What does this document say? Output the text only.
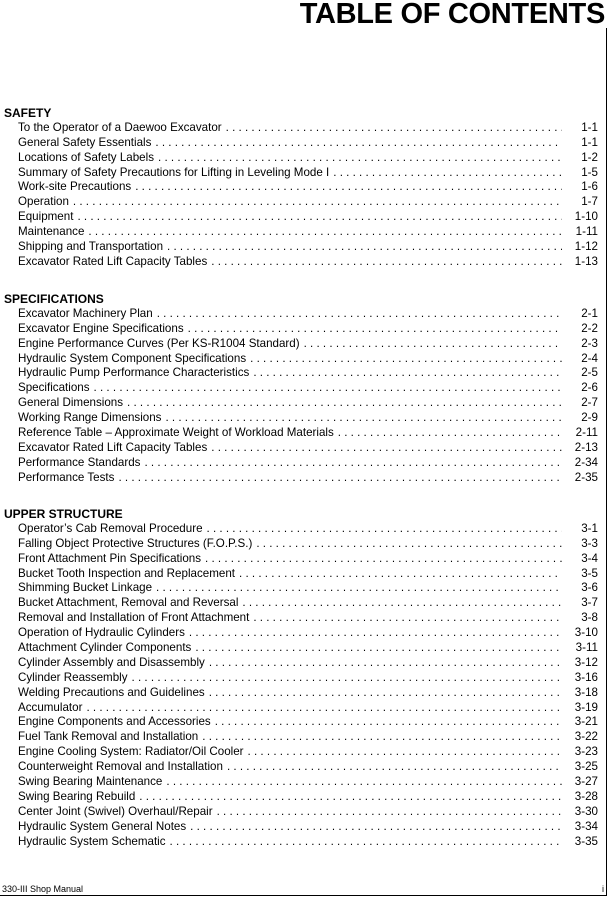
TABLE OF CONTENTS
SAFETY
To the Operator of a Daewoo Excavator . . .	1-1
General Safety Essentials . . .	1-1
Locations of Safety Labels . . .	1-2
Summary of Safety Precautions for Lifting in Leveling Mode I . . .	1-5
Work-site Precautions . . .	1-6
Operation . . .	1-7
Equipment . . .	1-10
Maintenance . . .	1-11
Shipping and Transportation . . .	1-12
Excavator Rated Lift Capacity Tables . . .	1-13
SPECIFICATIONS
Excavator Machinery Plan . . .	2-1
Excavator Engine Specifications . . .	2-2
Engine Performance Curves (Per KS-R1004 Standard) . . .	2-3
Hydraulic System Component Specifications . . .	2-4
Hydraulic Pump Performance Characteristics . . .	2-5
Specifications . . .	2-6
General Dimensions . . .	2-7
Working Range Dimensions . . .	2-9
Reference Table – Approximate Weight of Workload Materials . . .	2-11
Excavator Rated Lift Capacity Tables . . .	2-13
Performance Standards . . .	2-34
Performance Tests . . .	2-35
UPPER STRUCTURE
Operator’s Cab Removal Procedure . . .	3-1
Falling Object Protective Structures (F.O.P.S.) . . .	3-3
Front Attachment Pin Specifications . . .	3-4
Bucket Tooth Inspection and Replacement . . .	3-5
Shimming Bucket Linkage . . .	3-6
Bucket Attachment, Removal and Reversal . . .	3-7
Removal and Installation of Front Attachment . . .	3-8
Operation of Hydraulic Cylinders . . .	3-10
Attachment Cylinder Components . . .	3-11
Cylinder Assembly and Disassembly . . .	3-12
Cylinder Reassembly . . .	3-16
Welding Precautions and Guidelines . . .	3-18
Accumulator . . .	3-19
Engine Components and Accessories . . .	3-21
Fuel Tank Removal and Installation . . .	3-22
Engine Cooling System: Radiator/Oil Cooler . . .	3-23
Counterweight Removal and Installation . . .	3-25
Swing Bearing Maintenance . . .	3-27
Swing Bearing Rebuild . . .	3-28
Center Joint (Swivel) Overhaul/Repair . . .	3-30
Hydraulic System General Notes . . .	3-34
Hydraulic System Schematic . . .	3-35
330-III Shop Manual	i
